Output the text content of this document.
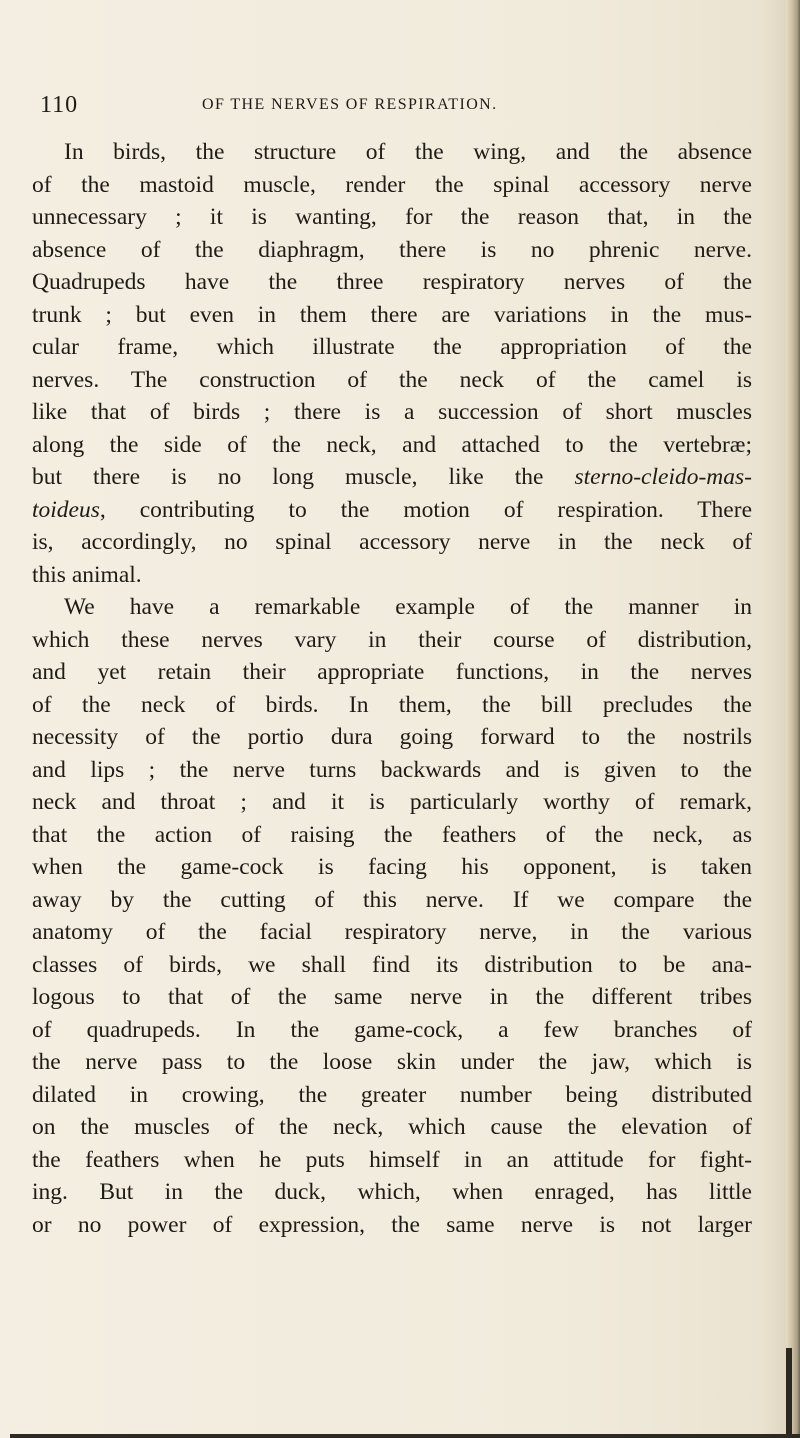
110	OF THE NERVES OF RESPIRATION.
In birds, the structure of the wing, and the absence
of the mastoid muscle, render the spinal accessory nerve
unnecessary ; it is wanting, for the reason that, in the
absence of the diaphragm, there is no phrenic nerve.
Quadrupeds have the three respiratory nerves of the
trunk ; but even in them there are variations in the mus-
cular frame, which illustrate the appropriation of the
nerves. The construction of the neck of the camel is
like that of birds ; there is a succession of short muscles
along the side of the neck, and attached to the vertebræ;
but there is no long muscle, like the sterno-cleido-mas-
toideus, contributing to the motion of respiration. There
is, accordingly, no spinal accessory nerve in the neck of
this animal.
We have a remarkable example of the manner in
which these nerves vary in their course of distribution,
and yet retain their appropriate functions, in the nerves
of the neck of birds. In them, the bill precludes the
necessity of the portio dura going forward to the nostrils
and lips ; the nerve turns backwards and is given to the
neck and throat ; and it is particularly worthy of remark,
that the action of raising the feathers of the neck, as
when the game-cock is facing his opponent, is taken
away by the cutting of this nerve. If we compare the
anatomy of the facial respiratory nerve, in the various
classes of birds, we shall find its distribution to be ana-
logous to that of the same nerve in the different tribes
of quadrupeds. In the game-cock, a few branches of
the nerve pass to the loose skin under the jaw, which is
dilated in crowing, the greater number being distributed
on the muscles of the neck, which cause the elevation of
the feathers when he puts himself in an attitude for fight-
ing. But in the duck, which, when enraged, has little
or no power of expression, the same nerve is not larger
